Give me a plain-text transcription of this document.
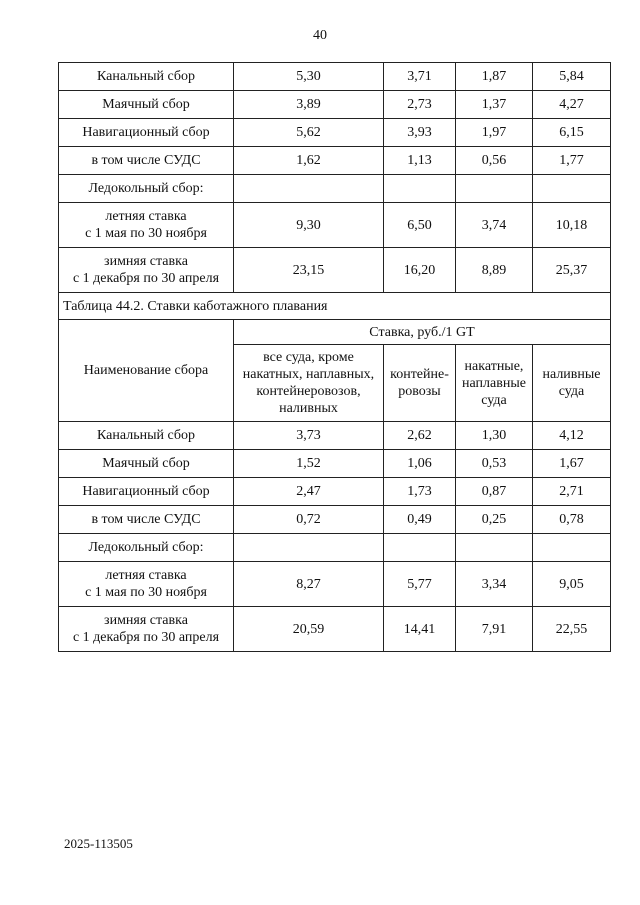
40
Канальный сбор	5,30	3,71	1,87	5,84
Маячный сбор	3,89	2,73	1,37	4,27
Навигационный сбор	5,62	3,93	1,97	6,15
в том числе СУДС	1,62	1,13	0,56	1,77
Ледокольный сбор:				
летняя ставка
с 1 мая по 30 ноября	9,30	6,50	3,74	10,18
зимняя ставка
с 1 декабря по 30 апреля	23,15	16,20	8,89	25,37
Таблица 44.2. Ставки каботажного плавания				
Наименование сбора	Ставка, руб./1 GT			
	все суда, кроме накатных, наплавных, контейнеровозов, наливных	контейне-ровозы	накатные, наплавные суда	наливные суда
Канальный сбор	3,73	2,62	1,30	4,12
Маячный сбор	1,52	1,06	0,53	1,67
Навигационный сбор	2,47	1,73	0,87	2,71
в том числе СУДС	0,72	0,49	0,25	0,78
Ледокольный сбор:				
летняя ставка
с 1 мая по 30 ноября	8,27	5,77	3,34	9,05
зимняя ставка
с 1 декабря по 30 апреля	20,59	14,41	7,91	22,55
2025-113505
